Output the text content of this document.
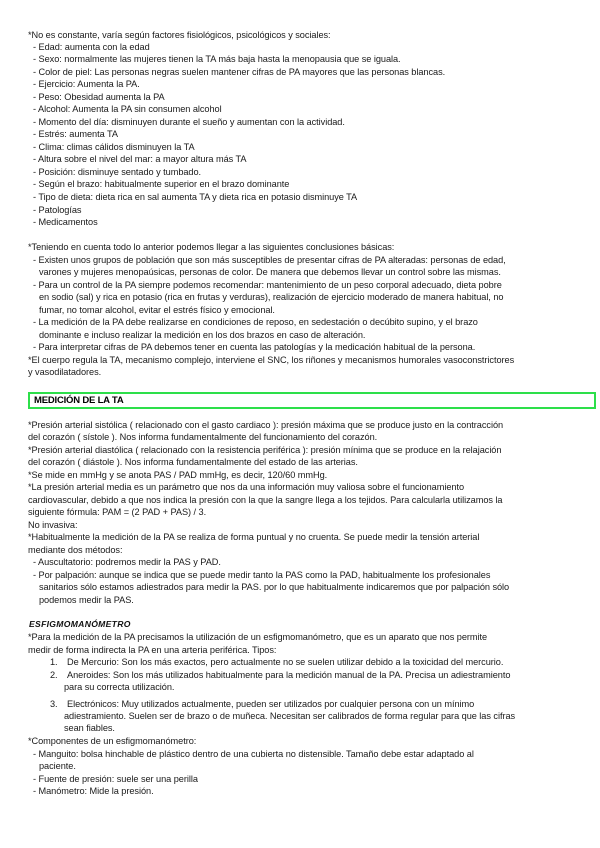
*No es constante, varía según factores fisiológicos, psicológicos y sociales:
- Edad: aumenta con la edad
- Sexo: normalmente las mujeres tienen la TA más baja hasta la menopausia que se iguala.
- Color de piel: Las personas negras suelen mantener cifras de PA mayores que las personas blancas.
- Ejercicio: Aumenta la PA.
- Peso: Obesidad aumenta la PA
- Alcohol: Aumenta la PA sin consumen alcohol
- Momento del día: disminuyen durante el sueño y aumentan con la actividad.
- Estrés: aumenta TA
- Clima: climas cálidos disminuyen la TA
- Altura sobre el nivel del mar: a mayor altura más TA
- Posición: disminuye sentado y tumbado.
- Según el brazo: habitualmente superior en el brazo dominante
- Tipo de dieta: dieta rica en sal aumenta TA y dieta rica en potasio disminuye TA
- Patologías
- Medicamentos
*Teniendo en cuenta todo lo anterior podemos llegar a las siguientes conclusiones básicas:
- Existen unos grupos de población que son más susceptibles de presentar cifras de PA alteradas: personas de edad,
varones y mujeres menopaúsicas, personas de color. De manera que debemos llevar un control sobre las mismas.
- Para un control de la PA siempre podemos recomendar: mantenimiento de un peso corporal adecuado, dieta pobre
en sodio (sal) y rica en potasio (rica en frutas y verduras), realización de ejercicio moderado de manera habitual, no
fumar, no tomar alcohol, evitar el estrés físico y emocional.
- La medición de la PA debe realizarse en condiciones de reposo, en sedestación o decúbito supino, y el brazo
dominante e incluso realizar la medición en los dos brazos en caso de alteración.
- Para interpretar cifras de PA debemos tener en cuenta las patologías y la medicación habitual de la persona.
*El cuerpo regula la TA, mecanismo complejo, interviene el SNC, los riñones y mecanismos humorales vasoconstrictores
y vasodilatadores.
MEDICIÓN DE LA TA
*Presión arterial sistólica ( relacionado con el gasto cardiaco ): presión máxima que se produce justo en la contracción
del corazón ( sístole ). Nos informa fundamentalmente del funcionamiento del corazón.
*Presión arterial diastólica ( relacionado con la resistencia periférica ): presión mínima que se produce en la relajación
del corazón ( diástole ). Nos informa fundamentalmente del estado de las arterias.
*Se mide en mmHg y se anota PAS / PAD mmHg, es decir, 120/60 mmHg.
*La presión arterial media es un parámetro que nos da una información muy valiosa sobre el funcionamiento
cardiovascular, debido a que nos indica la presión con la que la sangre llega a los tejidos. Para calcularla utilizamos la
siguiente fórmula: PAM = (2 PAD + PAS) / 3.
No invasiva:
*Habitualmente la medición de la PA se realiza de forma puntual y no cruenta. Se puede medir la tensión arterial
mediante dos métodos:
- Auscultatorio: podremos medir la PAS y PAD.
- Por palpación: aunque se indica que se puede medir tanto la PAS como la PAD, habitualmente los profesionales
sanitarios sólo estamos adiestrados para medir la PAS. por lo que habitualmente indicaremos que por palpación sólo
podemos medir la PAS.
ESFIGMOMANÓMETRO
*Para la medición de la PA precisamos la utilización de un esfigmomanómetro, que es un aparato que nos permite
medir de forma indirecta la PA en una arteria periférica. Tipos:
1. De Mercurio: Son los más exactos, pero actualmente no se suelen utilizar debido a la toxicidad del mercurio.
2. Aneroides: Son los más utilizados habitualmente para la medición manual de la PA. Precisa un adiestramiento
para su correcta utilización.
3. Electrónicos: Muy utilizados actualmente, pueden ser utilizados por cualquier persona con un mínimo
adiestramiento. Suelen ser de brazo o de muñeca. Necesitan ser calibrados de forma regular para que las cifras
sean fiables.
*Componentes de un esfigmomanómetro:
- Manguito: bolsa hinchable de plástico dentro de una cubierta no distensible. Tamaño debe estar adaptado al
paciente.
- Fuente de presión: suele ser una perilla
- Manómetro: Mide la presión.
